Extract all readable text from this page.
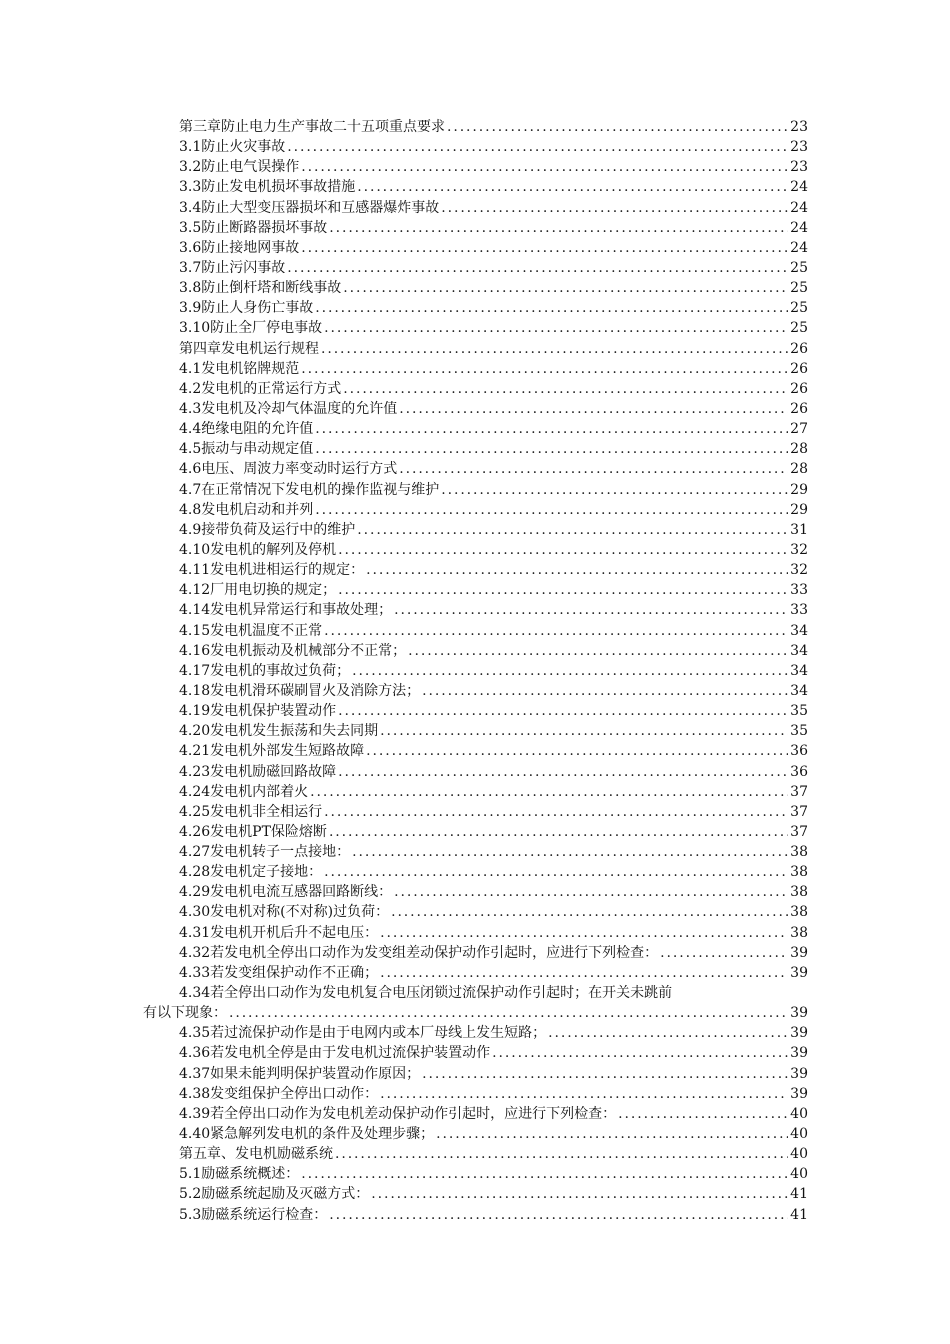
第三章防止电力生产事故二十五项重点要求 .....	23
3.1防止火灾事故 .....	23
3.2防止电气误操作 .....	23
3.3防止发电机损坏事故措施 .....	24
3.4防止大型变压器损坏和互感器爆炸事故 .....	24
3.5防止断路器损坏事故 .....	24
3.6防止接地网事故 .....	24
3.7防止污闪事故 .....	25
3.8防止倒杆塔和断线事故 .....	25
3.9防止人身伤亡事故 .....	25
3.10防止全厂停电事故 .....	25
第四章发电机运行规程 .....	26
4.1发电机铭牌规范 .....	26
4.2发电机的正常运行方式 .....	26
4.3发电机及冷却气体温度的允许值 .....	26
4.4绝缘电阻的允许值 .....	27
4.5振动与串动规定值 .....	28
4.6电压、周波力率变动时运行方式 .....	28
4.7在正常情况下发电机的操作监视与维护 .....	29
4.8发电机启动和并列 .....	29
4.9接带负荷及运行中的维护 .....	31
4.10发电机的解列及停机 .....	32
4.11发电机进相运行的规定： .....	32
4.12厂用电切换的规定； .....	33
4.14发电机异常运行和事故处理； .....	33
4.15发电机温度不正常 .....	34
4.16发电机振动及机械部分不正常； .....	34
4.17发电机的事故过负荷； .....	34
4.18发电机滑环碳刷冒火及消除方法； .....	34
4.19发电机保护装置动作 .....	35
4.20发电机发生振荡和失去同期 .....	35
4.21发电机外部发生短路故障 .....	36
4.23发电机励磁回路故障 .....	36
4.24发电机内部着火 .....	37
4.25发电机非全相运行 .....	37
4.26发电机PT保险熔断 .....	37
4.27发电机转子一点接地： .....	38
4.28发电机定子接地： .....	38
4.29发电机电流互感器回路断线： .....	38
4.30发电机对称(不对称)过负荷： .....	38
4.31发电机开机后升不起电压： .....	38
4.32若发电机全停出口动作为发变组差动保护动作引起时，应进行下列检查： .....	39
4.33若发变组保护动作不正确； .....	39
4.34若全停出口动作为发电机复合电压闭锁过流保护动作引起时；在开关未跳前
有以下现象： .....	39
4.35若过流保护动作是由于电网内或本厂母线上发生短路； .....	39
4.36若发电机全停是由于发电机过流保护装置动作 .....	39
4.37如果未能判明保护装置动作原因； .....	39
4.38发变组保护全停出口动作： .....	39
4.39若全停出口动作为发电机差动保护动作引起时，应进行下列检查： .....	40
4.40紧急解列发电机的条件及处理步骤； .....	40
第五章、发电机励磁系统 .....	40
5.1励磁系统概述： .....	40
5.2励磁系统起励及灭磁方式： .....	41
5.3励磁系统运行检查： .....	41
